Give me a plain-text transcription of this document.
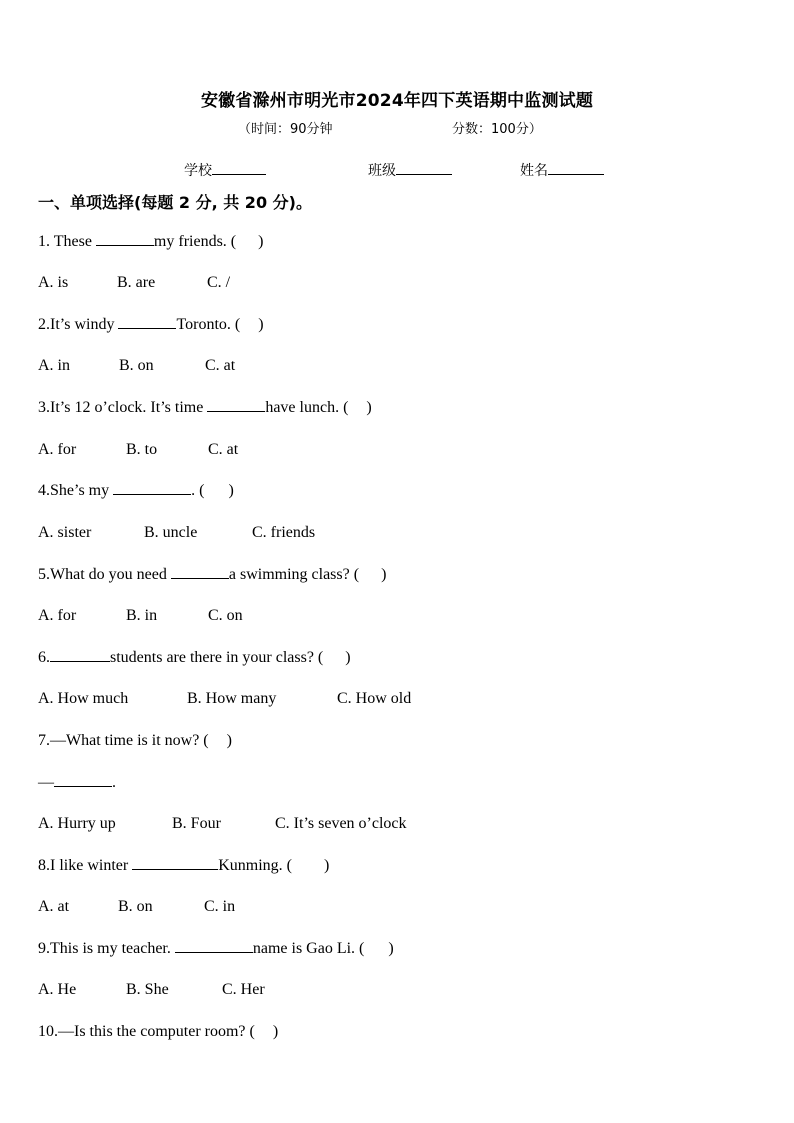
安徽省滁州市明光市2024年四下英语期中监测试题
（时间：90分钟	分数：100分）
学校	班级	姓名
一、单项选择(每题 2 分, 共 20 分)。
1. These	my friends. ( )
A. is	B. are	C. /
2.It’s windy	Toronto. ( )
A. in	B. on	C. at
3.It’s 12 o’clock. It’s time	have lunch. ( )
A. for	B. to	C. at
4.She’s my	. ( )
A. sister	B. uncle	C. friends
5.What do you need	a swimming class? ( )
A. for	B. in	C. on
6.	students are there in your class? ( )
A. How much	B. How many	C. How old
7.—What time is it now? ( )
—	.
A. Hurry up	B. Four	C. It’s seven o’clock
8.I like winter	Kunming. ( )
A. at	B. on	C. in
9.This is my teacher.	name is Gao Li. ( )
A. He	B. She	C. Her
10.—Is this the computer room? ( )
